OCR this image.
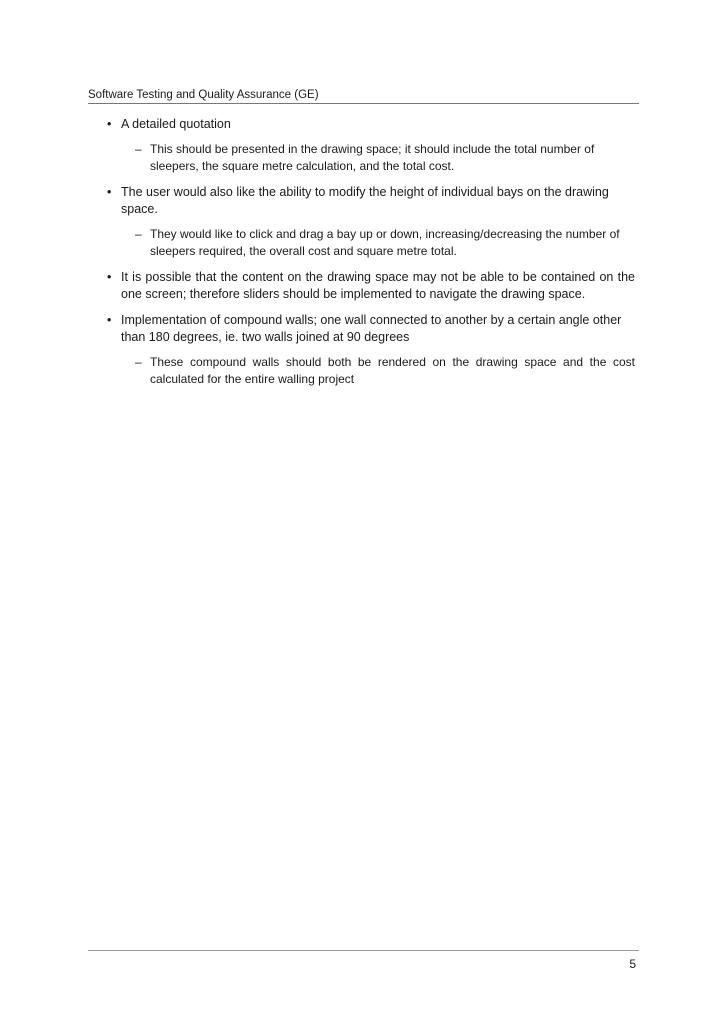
Software Testing and Quality Assurance (GE)
• A detailed quotation
– This should be presented in the drawing space; it should include the total number of sleepers, the square metre calculation, and the total cost.
• The user would also like the ability to modify the height of individual bays on the drawing space.
– They would like to click and drag a bay up or down, increasing/decreasing the number of sleepers required, the overall cost and square metre total.
• It is possible that the content on the drawing space may not be able to be contained on the one screen; therefore sliders should be implemented to navigate the drawing space.
• Implementation of compound walls; one wall connected to another by a certain angle other than 180 degrees, ie. two walls joined at 90 degrees
– These compound walls should both be rendered on the drawing space and the cost calculated for the entire walling project
5
